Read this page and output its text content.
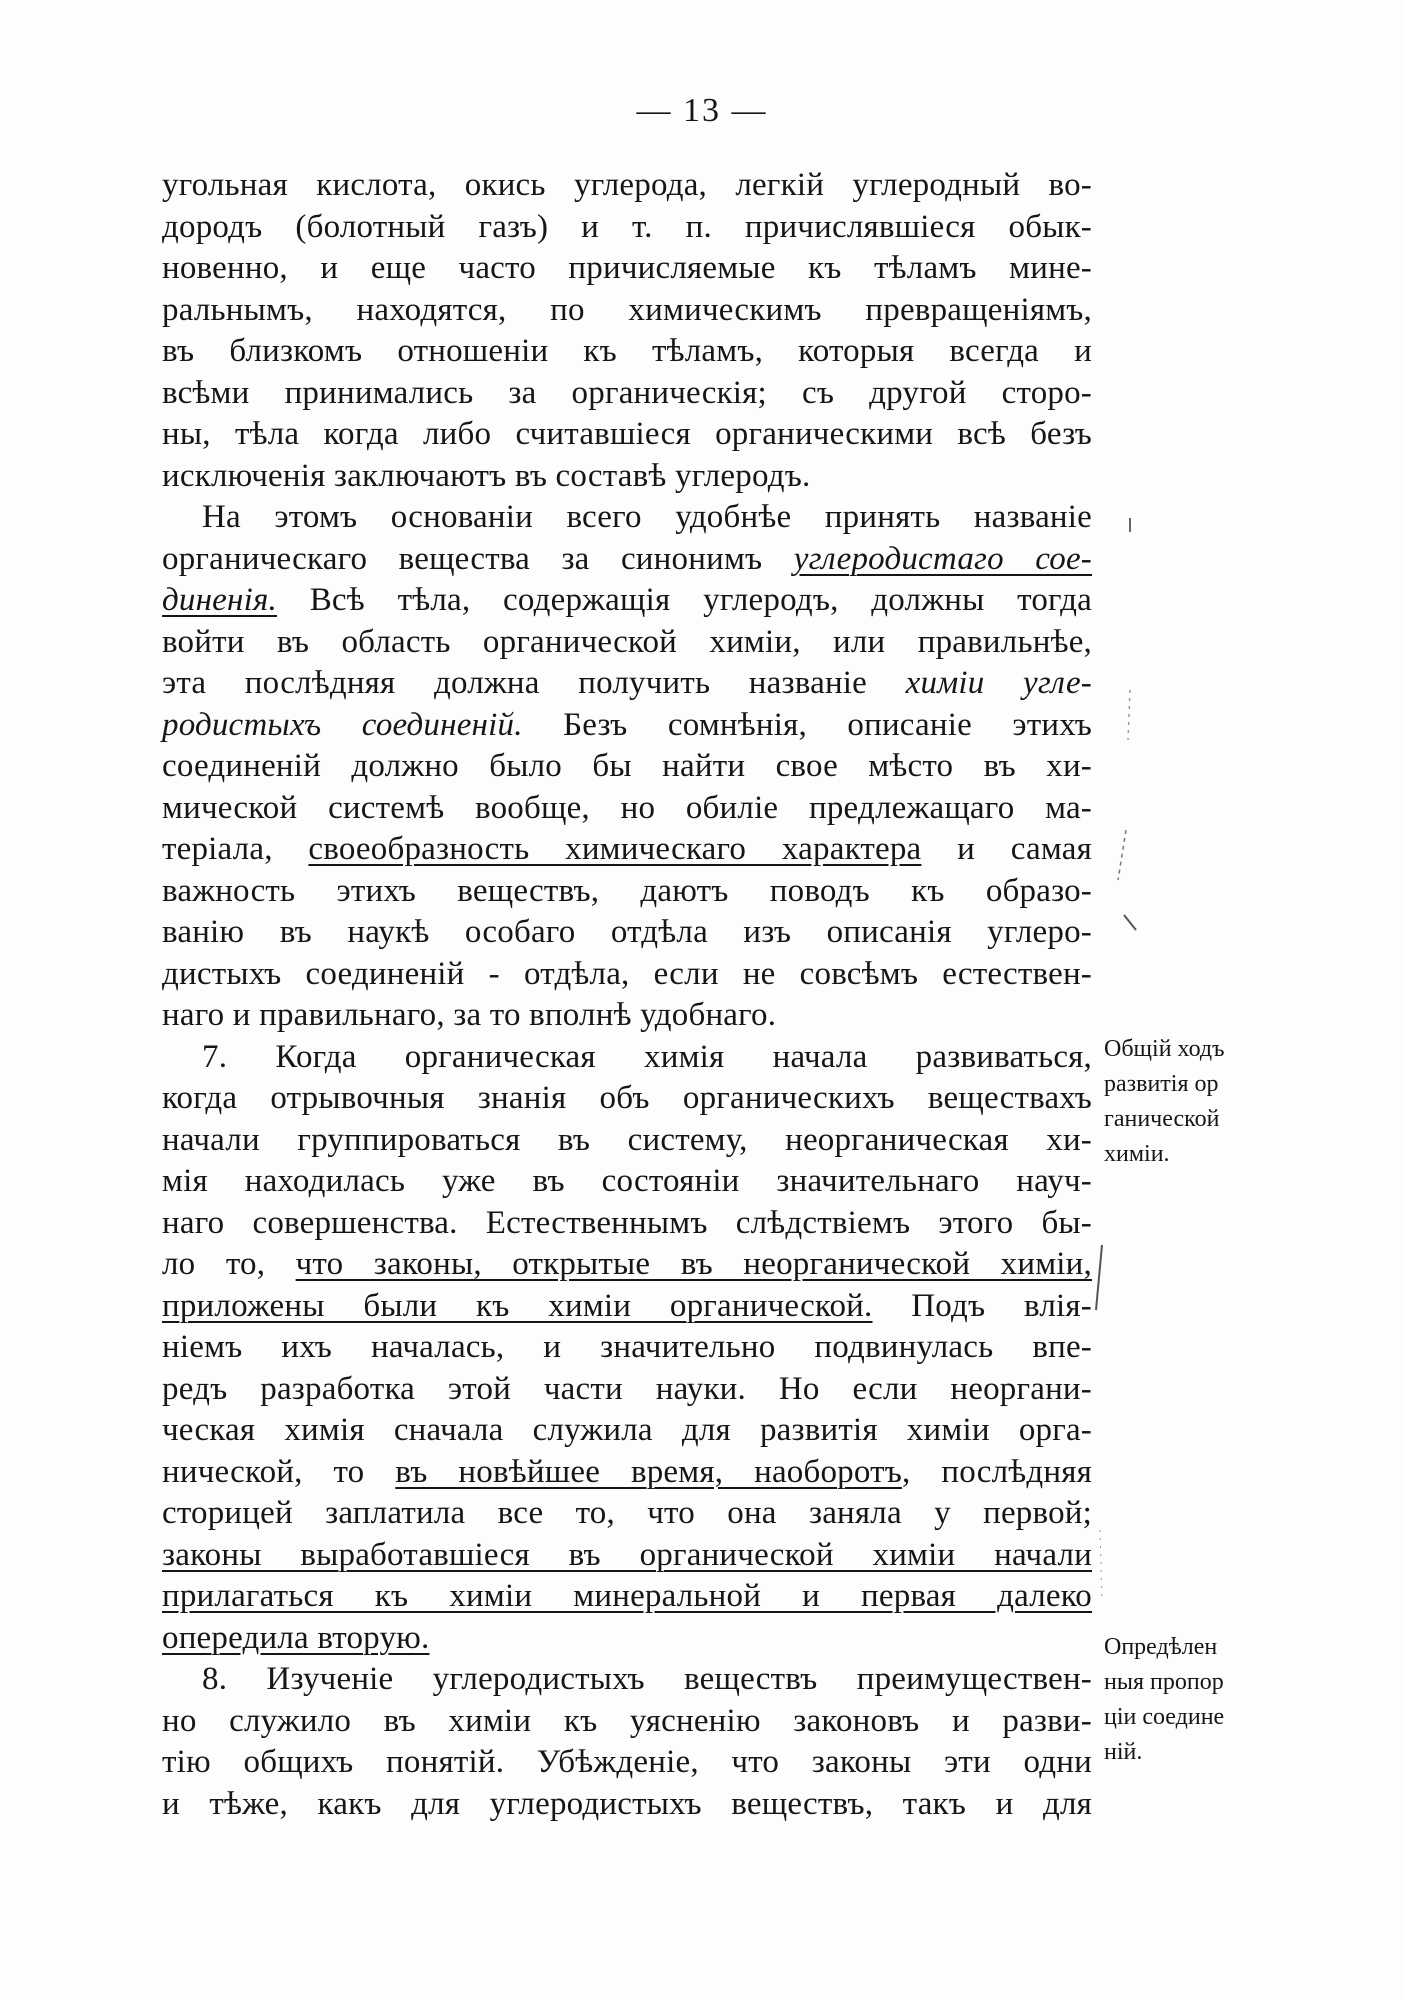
— 13 —
угольная кислота, окись углерода, легкій углеродный во-
дородъ (болотный газъ) и т. п. причислявшіеся обык-
новенно, и еще часто причисляемые къ тѣламъ мине-
ральнымъ, находятся, по химическимъ превращеніямъ,
въ близкомъ отношеніи къ тѣламъ, которыя всегда и
всѣми принимались за органическія; съ другой сторо-
ны, тѣла когда либо считавшіеся органическими всѣ безъ
исключенія заключаютъ въ составѣ углеродъ.
На этомъ основаніи всего удобнѣе принять названіе
органическаго вещества за синонимъ углеродистаго сое-
диненія. Всѣ тѣла, содержащія углеродъ, должны тогда
войти въ область органической химіи, или правильнѣе,
эта послѣдняя должна получить названіе химіи угле-
родистыхъ соединеній. Безъ сомнѣнія, описаніе этихъ
соединеній должно было бы найти свое мѣсто въ хи-
мической системѣ вообще, но обиліе предлежащаго ма-
теріала, своеобразность химическаго характера и самая
важность этихъ веществъ, даютъ поводъ къ образо-
ванію въ наукѣ особаго отдѣла изъ описанія углеро-
дистыхъ соединеній - отдѣла, если не совсѣмъ естествен-
наго и правильнаго, за то вполнѣ удобнаго.
7. Когда органическая химія начала развиваться,
когда отрывочныя знанія объ органическихъ веществахъ
начали группироваться въ систему, неорганическая хи-
мія находилась уже въ состояніи значительнаго науч-
наго совершенства. Естественнымъ слѣдствіемъ этого бы-
ло то, что законы, открытые въ неорганической химіи,
приложены были къ химіи органической. Подъ влія-
ніемъ ихъ началась, и значительно подвинулась впе-
редъ разработка этой части науки. Но если неоргани-
ческая химія сначала служила для развитія химіи орга-
нической, то въ новѣйшее время, наоборотъ, послѣдняя
сторицей заплатила все то, что она заняла у первой;
законы выработавшіеся въ органической химіи начали
прилагаться къ химіи минеральной и первая далеко
опередила вторую.
8. Изученіе углеродистыхъ веществъ преимуществен-
но служило въ химіи къ уясненію законовъ и разви-
тію общихъ понятій. Убѣжденіе, что законы эти одни
и тѣже, какъ для углеродистыхъ веществъ, такъ и для
Общій ходъ
развитія ор
ганической
химіи.
Опредѣлен
ныя пропор
ціи соедине
ній.
